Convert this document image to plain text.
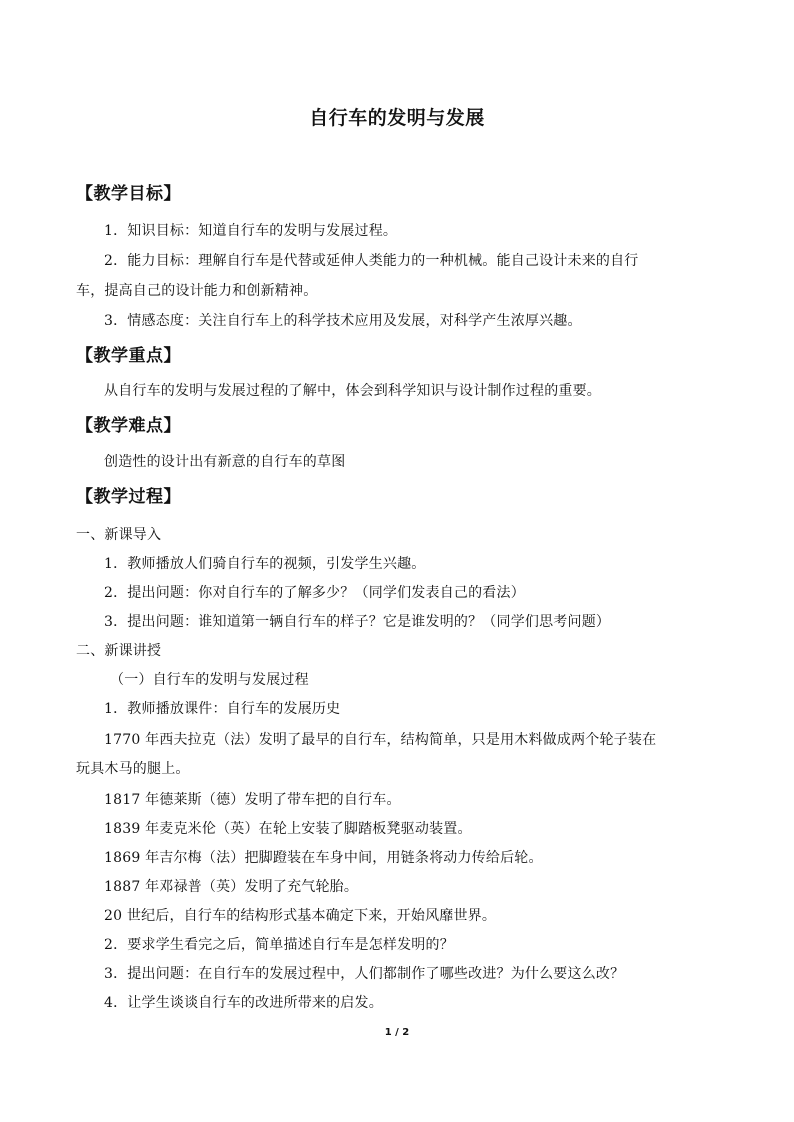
自行车的发明与发展
【教学目标】
1．知识目标：知道自行车的发明与发展过程。
2．能力目标：理解自行车是代替或延伸人类能力的一种机械。能自己设计未来的自行
车，提高自己的设计能力和创新精神。
3．情感态度：关注自行车上的科学技术应用及发展，对科学产生浓厚兴趣。
【教学重点】
从自行车的发明与发展过程的了解中，体会到科学知识与设计制作过程的重要。
【教学难点】
创造性的设计出有新意的自行车的草图
【教学过程】
一、新课导入
1．教师播放人们骑自行车的视频，引发学生兴趣。
2．提出问题：你对自行车的了解多少？（同学们发表自己的看法）
3．提出问题：谁知道第一辆自行车的样子？它是谁发明的？（同学们思考问题）
二、新课讲授
（一）自行车的发明与发展过程
1．教师播放课件：自行车的发展历史
1770 年西夫拉克（法）发明了最早的自行车，结构简单，只是用木料做成两个轮子装在
玩具木马的腿上。
1817 年德莱斯（德）发明了带车把的自行车。
1839 年麦克米伦（英）在轮上安装了脚踏板凳驱动装置。
1869 年吉尔梅（法）把脚蹬装在车身中间，用链条将动力传给后轮。
1887 年邓禄普（英）发明了充气轮胎。
20 世纪后，自行车的结构形式基本确定下来，开始风靡世界。
2．要求学生看完之后，简单描述自行车是怎样发明的？
3．提出问题：在自行车的发展过程中，人们都制作了哪些改进？为什么要这么改？
4．让学生谈谈自行车的改进所带来的启发。
1 / 2
